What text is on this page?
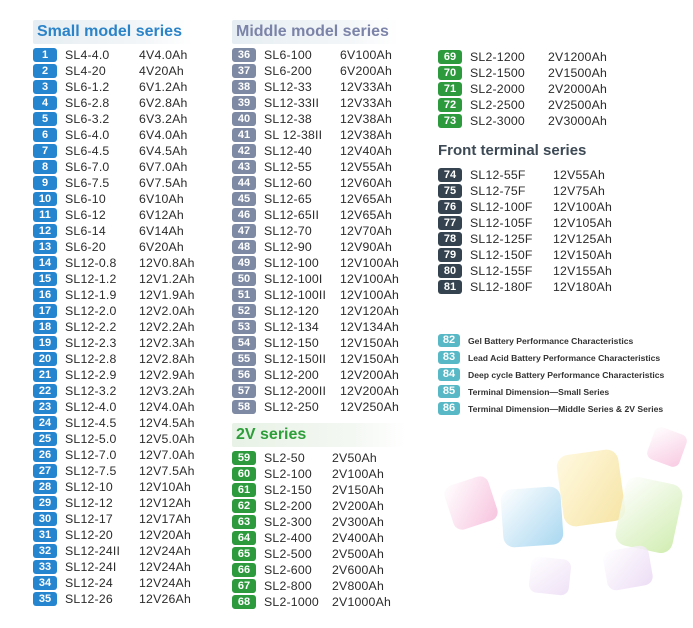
Small model series
1	SL4-4.0	4V4.0Ah
2	SL4-20	4V20Ah
3	SL6-1.2	6V1.2Ah
4	SL6-2.8	6V2.8Ah
5	SL6-3.2	6V3.2Ah
6	SL6-4.0	6V4.0Ah
7	SL6-4.5	6V4.5Ah
8	SL6-7.0	6V7.0Ah
9	SL6-7.5	6V7.5Ah
10	SL6-10	6V10Ah
11	SL6-12	6V12Ah
12	SL6-14	6V14Ah
13	SL6-20	6V20Ah
14	SL12-0.8	12V0.8Ah
15	SL12-1.2	12V1.2Ah
16	SL12-1.9	12V1.9Ah
17	SL12-2.0	12V2.0Ah
18	SL12-2.2	12V2.2Ah
19	SL12-2.3	12V2.3Ah
20	SL12-2.8	12V2.8Ah
21	SL12-2.9	12V2.9Ah
22	SL12-3.2	12V3.2Ah
23	SL12-4.0	12V4.0Ah
24	SL12-4.5	12V4.5Ah
25	SL12-5.0	12V5.0Ah
26	SL12-7.0	12V7.0Ah
27	SL12-7.5	12V7.5Ah
28	SL12-10	12V10Ah
29	SL12-12	12V12Ah
30	SL12-17	12V17Ah
31	SL12-20	12V20Ah
32	SL12-24II	12V24Ah
33	SL12-24I	12V24Ah
34	SL12-24	12V24Ah
35	SL12-26	12V26Ah
Middle model series
36	SL6-100	6V100Ah
37	SL6-200	6V200Ah
38	SL12-33	12V33Ah
39	SL12-33II	12V33Ah
40	SL12-38	12V38Ah
41	SL 12-38II	12V38Ah
42	SL12-40	12V40Ah
43	SL12-55	12V55Ah
44	SL12-60	12V60Ah
45	SL12-65	12V65Ah
46	SL12-65II	12V65Ah
47	SL12-70	12V70Ah
48	SL12-90	12V90Ah
49	SL12-100	12V100Ah
50	SL12-100I	12V100Ah
51	SL12-100II	12V100Ah
52	SL12-120	12V120Ah
53	SL12-134	12V134Ah
54	SL12-150	12V150Ah
55	SL12-150II	12V150Ah
56	SL12-200	12V200Ah
57	SL12-200II	12V200Ah
58	SL12-250	12V250Ah
2V series
59	SL2-50	2V50Ah
60	SL2-100	2V100Ah
61	SL2-150	2V150Ah
62	SL2-200	2V200Ah
63	SL2-300	2V300Ah
64	SL2-400	2V400Ah
65	SL2-500	2V500Ah
66	SL2-600	2V600Ah
67	SL2-800	2V800Ah
68	SL2-1000	2V1000Ah
69	SL2-1200	2V1200Ah
70	SL2-1500	2V1500Ah
71	SL2-2000	2V2000Ah
72	SL2-2500	2V2500Ah
73	SL2-3000	2V3000Ah
Front terminal series
74	SL12-55F	12V55Ah
75	SL12-75F	12V75Ah
76	SL12-100F	12V100Ah
77	SL12-105F	12V105Ah
78	SL12-125F	12V125Ah
79	SL12-150F	12V150Ah
80	SL12-155F	12V155Ah
81	SL12-180F	12V180Ah
82	Gel Battery Performance Characteristics
83	Lead Acid Battery Performance Characteristics
84	Deep cycle Battery Performance Characteristics
85	Terminal Dimension—Small Series
86	Terminal Dimension—Middle Series & 2V Series
